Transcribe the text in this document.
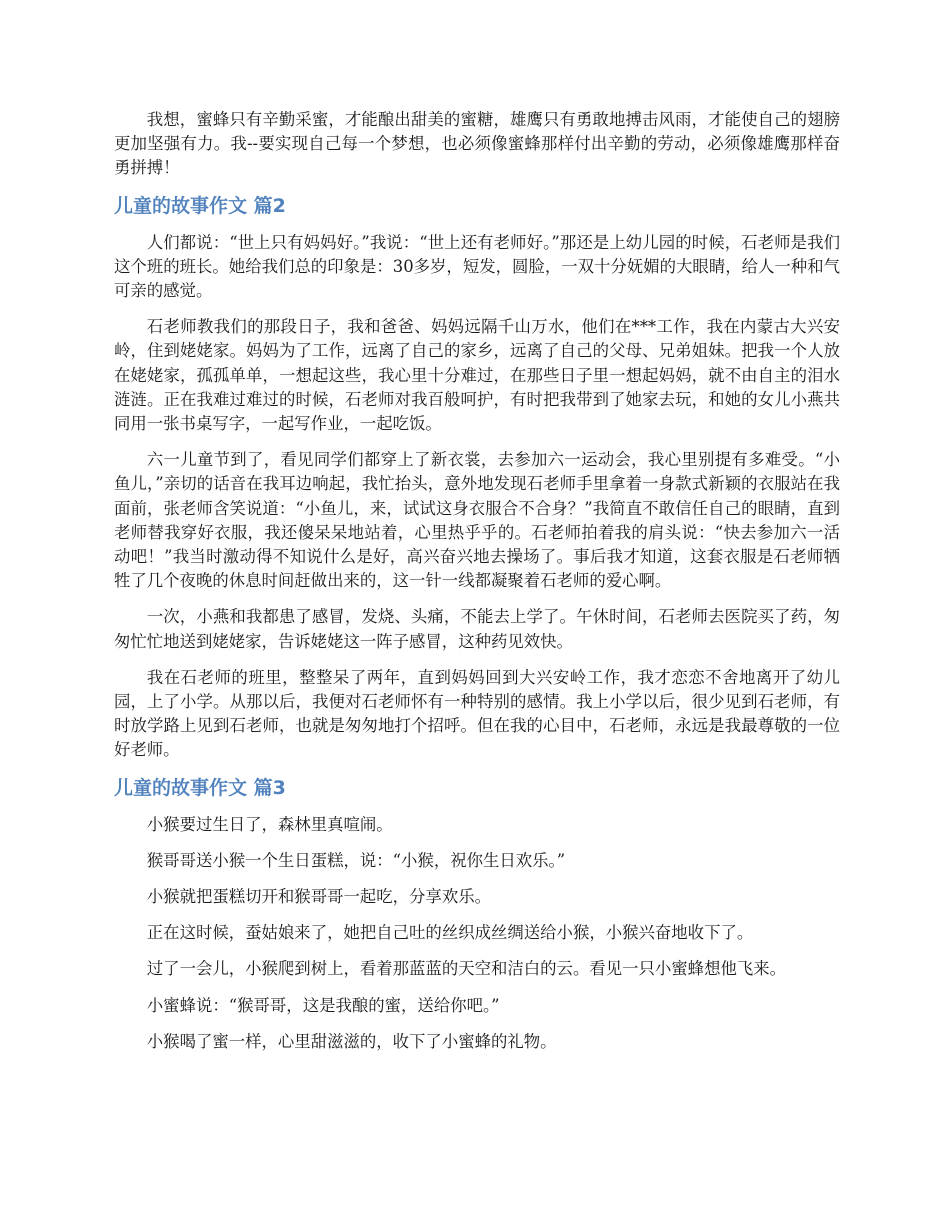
我想，蜜蜂只有辛勤采蜜，才能酿出甜美的蜜糖，雄鹰只有勇敢地搏击风雨，才能使自己的翅膀更加坚强有力。我--要实现自己每一个梦想，也必须像蜜蜂那样付出辛勤的劳动，必须像雄鹰那样奋勇拼搏！

儿童的故事作文 篇2

人们都说：“世上只有妈妈好。”我说：“世上还有老师好。”那还是上幼儿园的时候，石老师是我们这个班的班长。她给我们总的印象是：30多岁，短发，圆脸，一双十分妩媚的大眼睛，给人一种和气可亲的感觉。

石老师教我们的那段日子，我和爸爸、妈妈远隔千山万水，他们在***工作，我在内蒙古大兴安岭，住到姥姥家。妈妈为了工作，远离了自己的家乡，远离了自己的父母、兄弟姐妹。把我一个人放在姥姥家，孤孤单单，一想起这些，我心里十分难过，在那些日子里一想起妈妈，就不由自主的泪水涟涟。正在我难过难过的时候，石老师对我百般呵护，有时把我带到了她家去玩，和她的女儿小燕共同用一张书桌写字，一起写作业，一起吃饭。

六一儿童节到了，看见同学们都穿上了新衣裳，去参加六一运动会，我心里别提有多难受。“小鱼儿，”亲切的话音在我耳边响起，我忙抬头，意外地发现石老师手里拿着一身款式新颖的衣服站在我面前，张老师含笑说道：“小鱼儿，来，试试这身衣服合不合身？”我简直不敢信任自己的眼睛，直到老师替我穿好衣服，我还傻呆呆地站着，心里热乎乎的。石老师拍着我的肩头说：“快去参加六一活动吧！”我当时激动得不知说什么是好，高兴奋兴地去操场了。事后我才知道，这套衣服是石老师牺牲了几个夜晚的休息时间赶做出来的，这一针一线都凝聚着石老师的爱心啊。

一次，小燕和我都患了感冒，发烧、头痛，不能去上学了。午休时间，石老师去医院买了药，匆匆忙忙地送到姥姥家，告诉姥姥这一阵子感冒，这种药见效快。

我在石老师的班里，整整呆了两年，直到妈妈回到大兴安岭工作，我才恋恋不舍地离开了幼儿园，上了小学。从那以后，我便对石老师怀有一种特别的感情。我上小学以后，很少见到石老师，有时放学路上见到石老师，也就是匆匆地打个招呼。但在我的心目中，石老师，永远是我最尊敬的一位好老师。

儿童的故事作文 篇3

小猴要过生日了，森林里真喧闹。

猴哥哥送小猴一个生日蛋糕，说：“小猴，祝你生日欢乐。”

小猴就把蛋糕切开和猴哥哥一起吃，分享欢乐。

正在这时候，蚕姑娘来了，她把自己吐的丝织成丝绸送给小猴，小猴兴奋地收下了。

过了一会儿，小猴爬到树上，看着那蓝蓝的天空和洁白的云。看见一只小蜜蜂想他飞来。

小蜜蜂说：“猴哥哥，这是我酿的蜜，送给你吧。”

小猴喝了蜜一样，心里甜滋滋的，收下了小蜜蜂的礼物。
